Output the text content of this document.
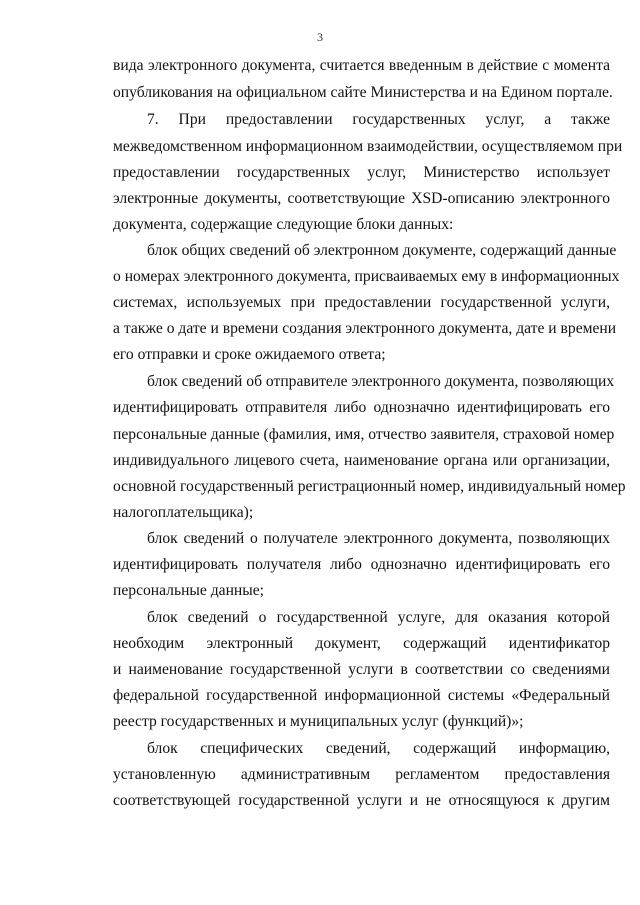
3
вида электронного документа, считается введенным в действие с момента
опубликования на официальном сайте Министерства и на Едином портале.
7. При предоставлении государственных услуг, а также
межведомственном информационном взаимодействии, осуществляемом при
предоставлении государственных услуг, Министерство использует
электронные документы, соответствующие XSD-описанию электронного
документа, содержащие следующие блоки данных:
блок общих сведений об электронном документе, содержащий данные
о номерах электронного документа, присваиваемых ему в информационных
системах, используемых при предоставлении государственной услуги,
а также о дате и времени создания электронного документа, дате и времени
его отправки и сроке ожидаемого ответа;
блок сведений об отправителе электронного документа, позволяющих
идентифицировать отправителя либо однозначно идентифицировать его
персональные данные (фамилия, имя, отчество заявителя, страховой номер
индивидуального лицевого счета, наименование органа или организации,
основной государственный регистрационный номер, индивидуальный номер
налогоплательщика);
блок сведений о получателе электронного документа, позволяющих
идентифицировать получателя либо однозначно идентифицировать его
персональные данные;
блок сведений о государственной услуге, для оказания которой
необходим электронный документ, содержащий идентификатор
и наименование государственной услуги в соответствии со сведениями
федеральной государственной информационной системы «Федеральный
реестр государственных и муниципальных услуг (функций)»;
блок специфических сведений, содержащий информацию,
установленную административным регламентом предоставления
соответствующей государственной услуги и не относящуюся к другим
